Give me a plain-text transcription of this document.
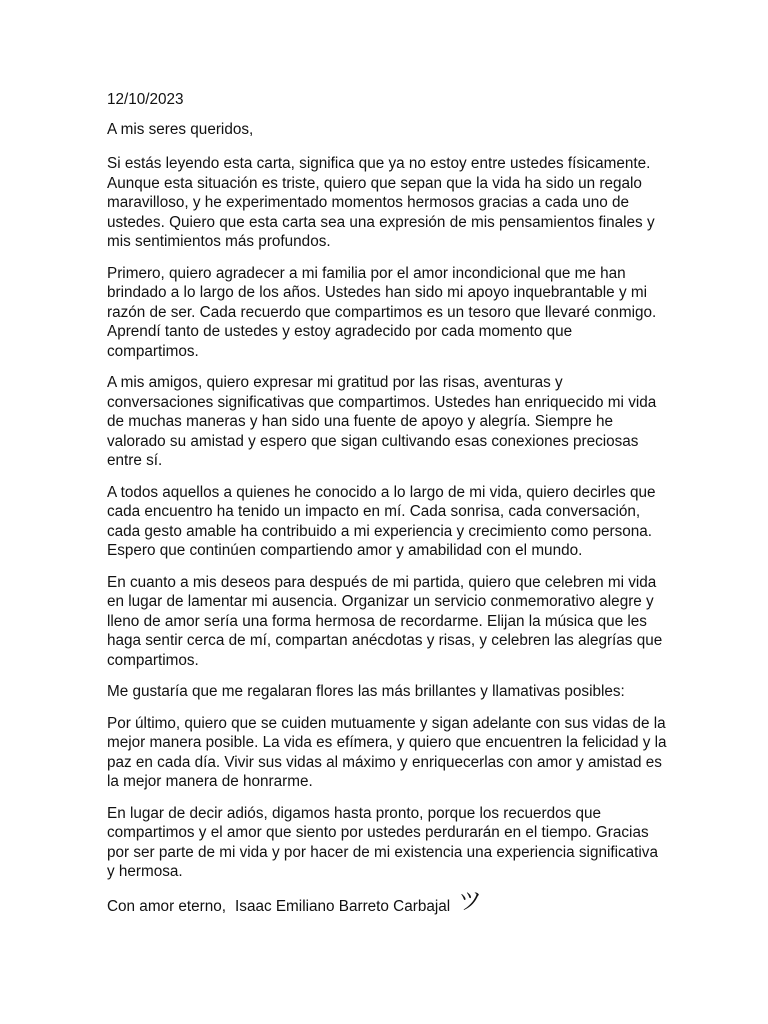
12/10/2023

A mis seres queridos,

Si estás leyendo esta carta, significa que ya no estoy entre ustedes físicamente. Aunque esta situación es triste, quiero que sepan que la vida ha sido un regalo maravilloso, y he experimentado momentos hermosos gracias a cada uno de ustedes. Quiero que esta carta sea una expresión de mis pensamientos finales y mis sentimientos más profundos.

Primero, quiero agradecer a mi familia por el amor incondicional que me han brindado a lo largo de los años. Ustedes han sido mi apoyo inquebrantable y mi razón de ser. Cada recuerdo que compartimos es un tesoro que llevaré conmigo. Aprendí tanto de ustedes y estoy agradecido por cada momento que compartimos.

A mis amigos, quiero expresar mi gratitud por las risas, aventuras y conversaciones significativas que compartimos. Ustedes han enriquecido mi vida de muchas maneras y han sido una fuente de apoyo y alegría. Siempre he valorado su amistad y espero que sigan cultivando esas conexiones preciosas entre sí.

A todos aquellos a quienes he conocido a lo largo de mi vida, quiero decirles que cada encuentro ha tenido un impacto en mí. Cada sonrisa, cada conversación, cada gesto amable ha contribuido a mi experiencia y crecimiento como persona. Espero que continúen compartiendo amor y amabilidad con el mundo.

En cuanto a mis deseos para después de mi partida, quiero que celebren mi vida en lugar de lamentar mi ausencia. Organizar un servicio conmemorativo alegre y lleno de amor sería una forma hermosa de recordarme. Elijan la música que les haga sentir cerca de mí, compartan anécdotas y risas, y celebren las alegrías que compartimos.

Me gustaría que me regalaran flores las más brillantes y llamativas posibles:

Por último, quiero que se cuiden mutuamente y sigan adelante con sus vidas de la mejor manera posible. La vida es efímera, y quiero que encuentren la felicidad y la paz en cada día. Vivir sus vidas al máximo y enriquecerlas con amor y amistad es la mejor manera de honrarme.

En lugar de decir adiós, digamos hasta pronto, porque los recuerdos que compartimos y el amor que siento por ustedes perdurarán en el tiempo. Gracias por ser parte de mi vida y por hacer de mi existencia una experiencia significativa y hermosa.

Con amor eterno, Isaac Emiliano Barreto Carbajal ツ
